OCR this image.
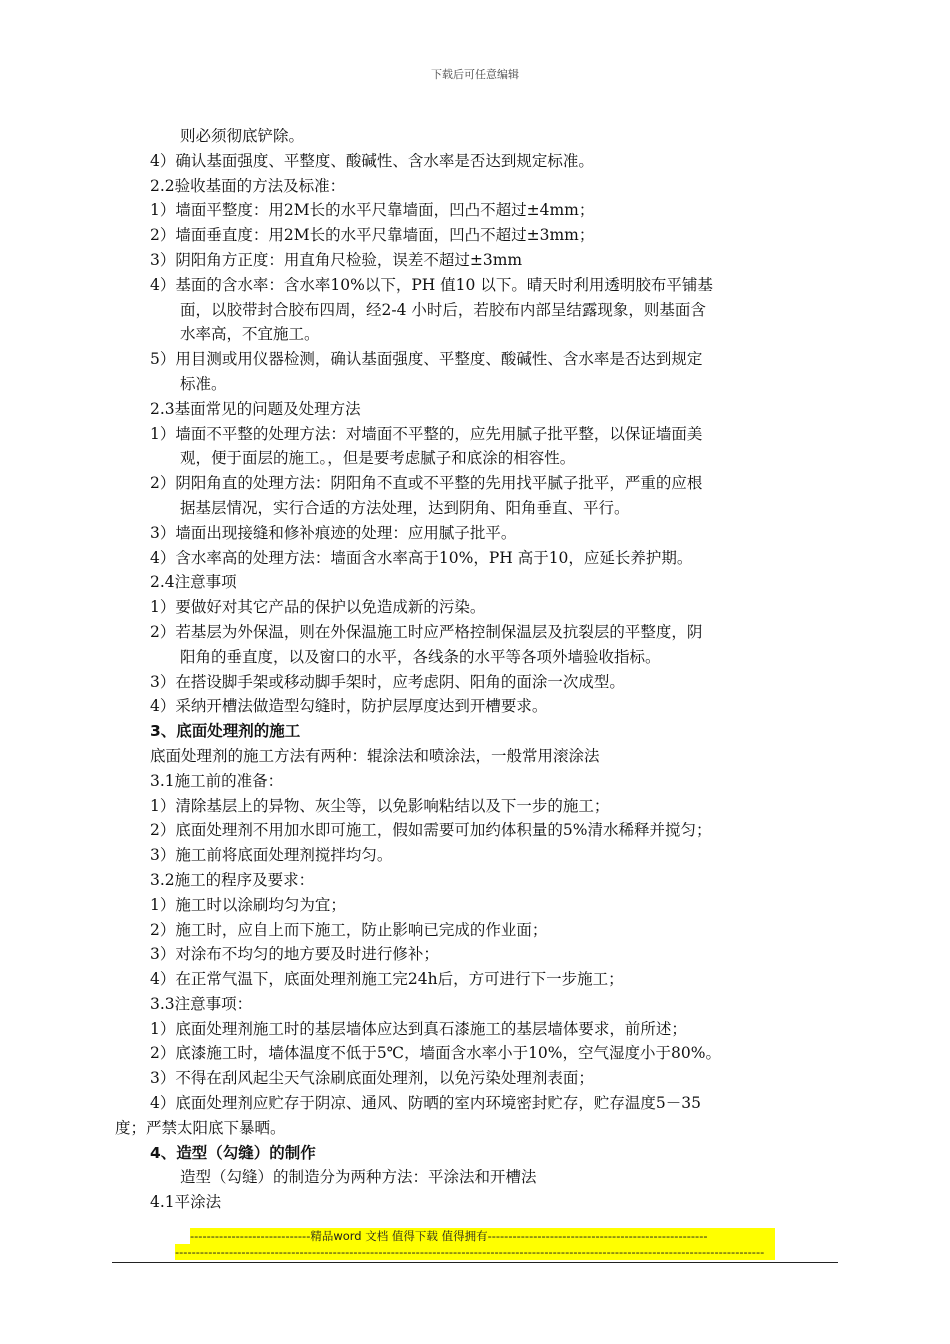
下载后可任意编辑
则必须彻底铲除。
4）确认基面强度、平整度、酸碱性、含水率是否达到规定标准。
2.2验收基面的方法及标准：
1）墙面平整度：用2M长的水平尺靠墙面，凹凸不超过±4mm；
2）墙面垂直度：用2M长的水平尺靠墙面，凹凸不超过±3mm；
3）阴阳角方正度：用直角尺检验，误差不超过±3mm
4）基面的含水率：含水率10%以下，PH 值10 以下。晴天时利用透明胶布平铺基
面，以胶带封合胶布四周，经2-4 小时后，若胶布内部呈结露现象，则基面含
水率高，不宜施工。
5）用目测或用仪器检测，确认基面强度、平整度、酸碱性、含水率是否达到规定
标准。
2.3基面常见的问题及处理方法
1）墙面不平整的处理方法：对墙面不平整的，应先用腻子批平整，以保证墙面美
观，便于面层的施工。，但是要考虑腻子和底涂的相容性。
2）阴阳角直的处理方法：阴阳角不直或不平整的先用找平腻子批平，严重的应根
据基层情况，实行合适的方法处理，达到阴角、阳角垂直、平行。
3）墙面出现接缝和修补痕迹的处理：应用腻子批平。
4）含水率高的处理方法：墙面含水率高于10%，PH 高于10，应延长养护期。
2.4注意事项
1）要做好对其它产品的保护以免造成新的污染。
2）若基层为外保温，则在外保温施工时应严格控制保温层及抗裂层的平整度，阴
阳角的垂直度，以及窗口的水平，各线条的水平等各项外墙验收指标。
3）在搭设脚手架或移动脚手架时，应考虑阴、阳角的面涂一次成型。
4）采纳开槽法做造型勾缝时，防护层厚度达到开槽要求。
3、底面处理剂的施工
底面处理剂的施工方法有两种：辊涂法和喷涂法，一般常用滚涂法
3.1施工前的准备：
1）清除基层上的异物、灰尘等，以免影响粘结以及下一步的施工；
2）底面处理剂不用加水即可施工，假如需要可加约体积量的5%清水稀释并搅匀；
3）施工前将底面处理剂搅拌均匀。
3.2施工的程序及要求：
1）施工时以涂刷均匀为宜；
2）施工时，应自上而下施工，防止影响已完成的作业面；
3）对涂布不均匀的地方要及时进行修补；
4）在正常气温下，底面处理剂施工完24h后，方可进行下一步施工；
3.3注意事项：
1）底面处理剂施工时的基层墙体应达到真石漆施工的基层墙体要求，前所述；
2）底漆施工时，墙体温度不低于5℃，墙面含水率小于10%，空气湿度小于80%。
3）不得在刮风起尘天气涂刷底面处理剂，以免污染处理剂表面；
4）底面处理剂应贮存于阴凉、通风、防晒的室内环境密封贮存，贮存温度5－35
度；严禁太阳底下暴晒。
4、造型（勾缝）的制作
造型（勾缝）的制造分为两种方法：平涂法和开槽法
4.1平涂法
-----------------------------精品word 文档 值得下载 值得拥有-----------------------------------------------------
----------------------------------------------------------------------------------------------------------------------------------------------
